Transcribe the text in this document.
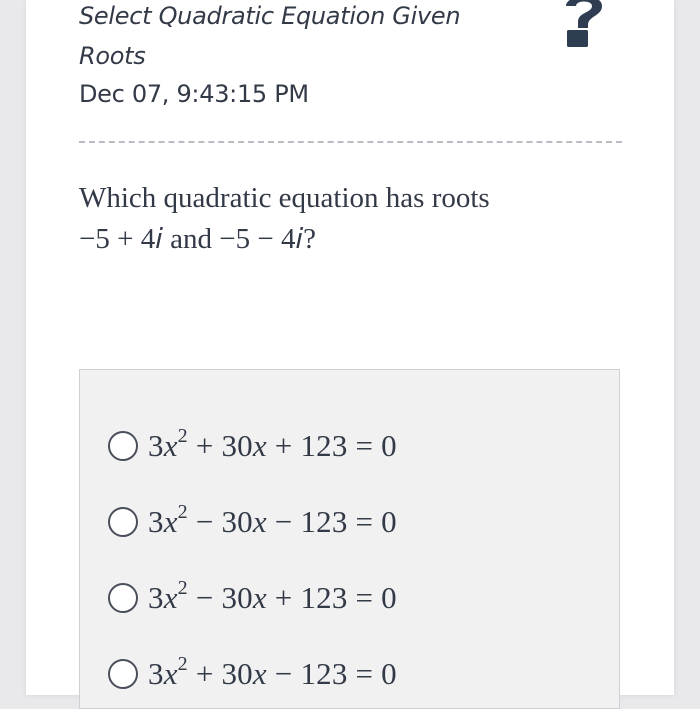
Select Quadratic Equation Given Roots
Dec 07, 9:43:15 PM
Which quadratic equation has roots
−5 + 4𝑖 and −5 − 4𝑖?
$3x^2 + 30x + 123 = 0$
$3x^2 - 30x - 123 = 0$
$3x^2 - 30x + 123 = 0$
$3x^2 + 30x - 123 = 0$
